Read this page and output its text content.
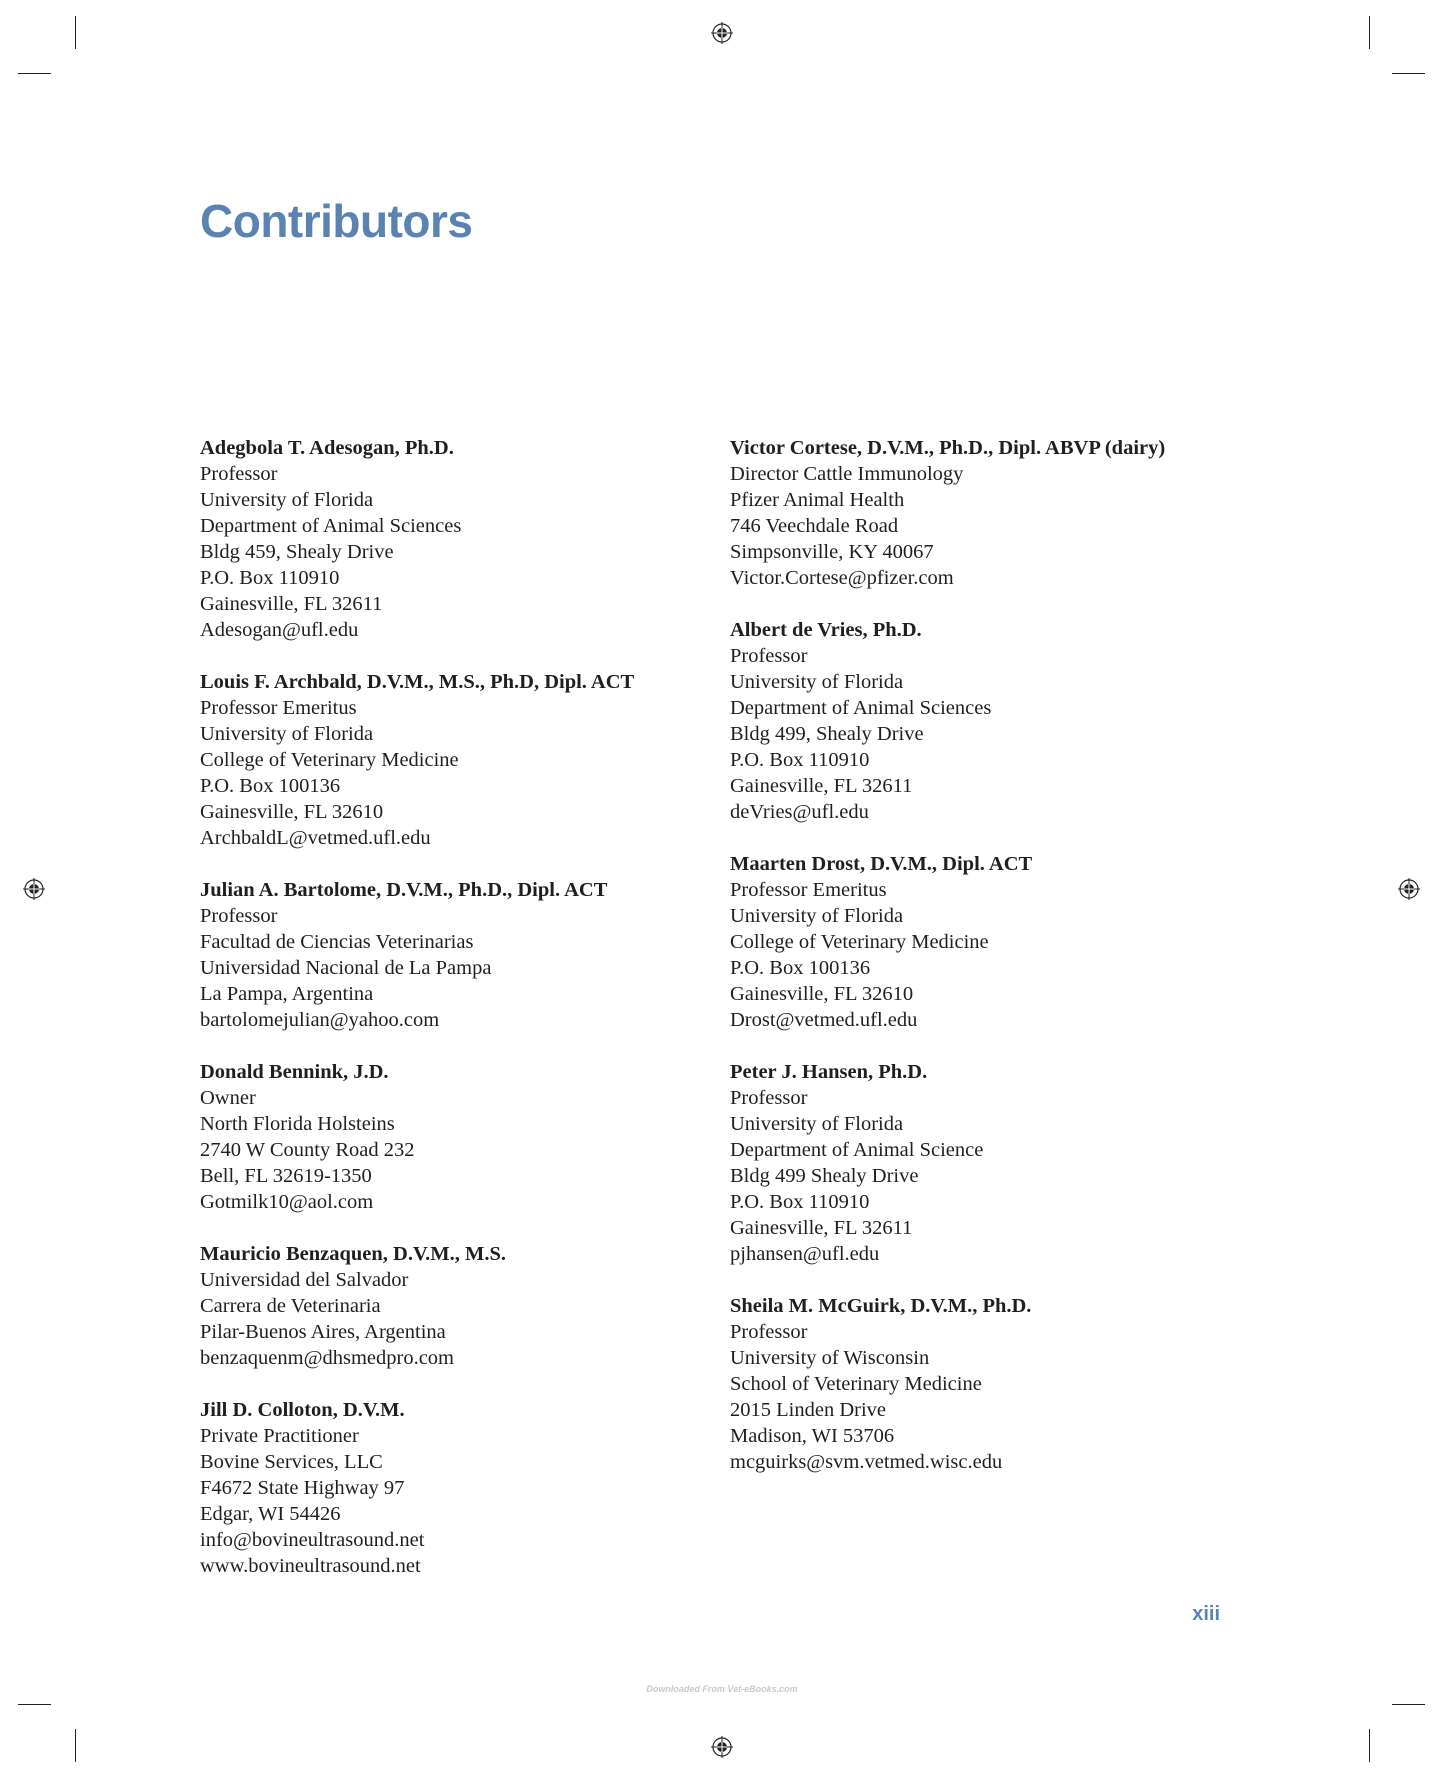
Contributors
Adegbola T. Adesogan, Ph.D.
Professor
University of Florida
Department of Animal Sciences
Bldg 459, Shealy Drive
P.O. Box 110910
Gainesville, FL 32611
Adesogan@ufl.edu
Louis F. Archbald, D.V.M., M.S., Ph.D, Dipl. ACT
Professor Emeritus
University of Florida
College of Veterinary Medicine
P.O. Box 100136
Gainesville, FL 32610
ArchbaldL@vetmed.ufl.edu
Julian A. Bartolome, D.V.M., Ph.D., Dipl. ACT
Professor
Facultad de Ciencias Veterinarias
Universidad Nacional de La Pampa
La Pampa, Argentina
bartolomejulian@yahoo.com
Donald Bennink, J.D.
Owner
North Florida Holsteins
2740 W County Road 232
Bell, FL 32619-1350
Gotmilk10@aol.com
Mauricio Benzaquen, D.V.M., M.S.
Universidad del Salvador
Carrera de Veterinaria
Pilar-Buenos Aires, Argentina
benzaquenm@dhsmedpro.com
Jill D. Colloton, D.V.M.
Private Practitioner
Bovine Services, LLC
F4672 State Highway 97
Edgar, WI 54426
info@bovineultrasound.net
www.bovineultrasound.net
Victor Cortese, D.V.M., Ph.D., Dipl. ABVP (dairy)
Director Cattle Immunology
Pfizer Animal Health
746 Veechdale Road
Simpsonville, KY 40067
Victor.Cortese@pfizer.com
Albert de Vries, Ph.D.
Professor
University of Florida
Department of Animal Sciences
Bldg 499, Shealy Drive
P.O. Box 110910
Gainesville, FL 32611
deVries@ufl.edu
Maarten Drost, D.V.M., Dipl. ACT
Professor Emeritus
University of Florida
College of Veterinary Medicine
P.O. Box 100136
Gainesville, FL 32610
Drost@vetmed.ufl.edu
Peter J. Hansen, Ph.D.
Professor
University of Florida
Department of Animal Science
Bldg 499 Shealy Drive
P.O. Box 110910
Gainesville, FL 32611
pjhansen@ufl.edu
Sheila M. McGuirk, D.V.M., Ph.D.
Professor
University of Wisconsin
School of Veterinary Medicine
2015 Linden Drive
Madison, WI 53706
mcguirks@svm.vetmed.wisc.edu
xiii
Downloaded From Vet-eBooks.com
